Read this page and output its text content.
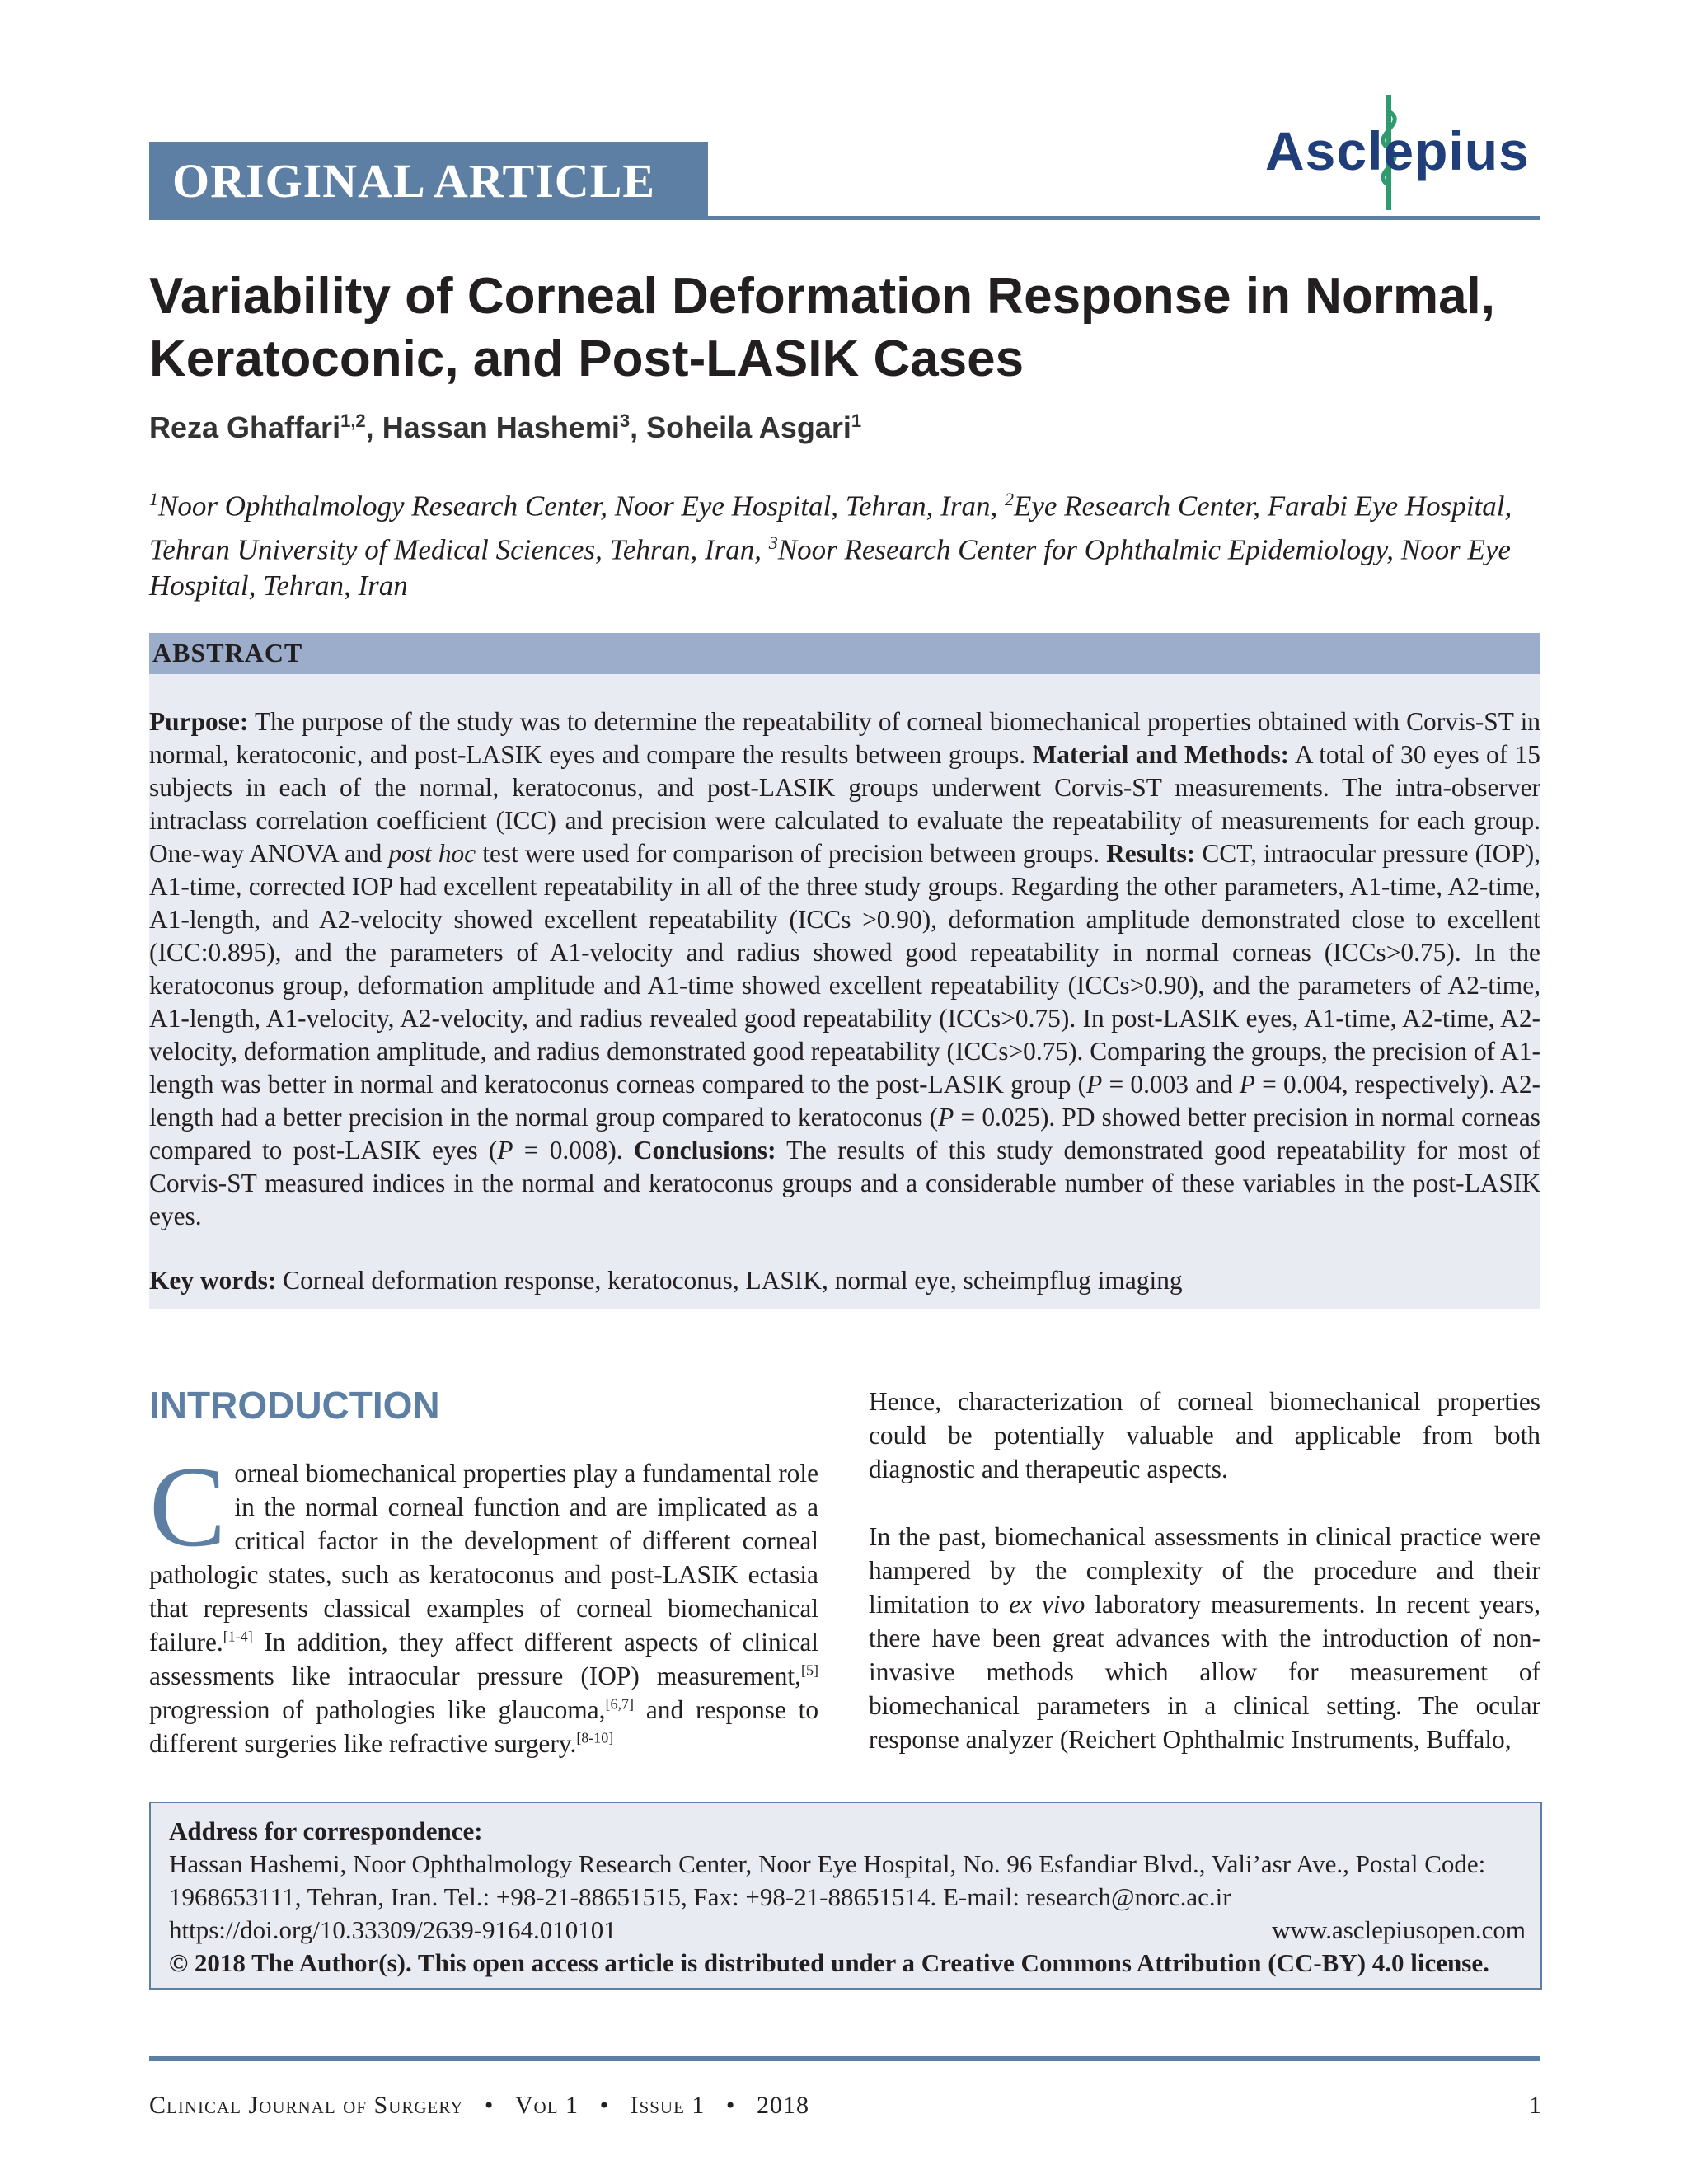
ORIGINAL ARTICLE	Asclepius
Variability of Corneal Deformation Response in Normal, Keratoconic, and Post-LASIK Cases
Reza Ghaffari$^{1,2}$, Hassan Hashemi$^3$, Soheila Asgari$^1$
$^1$Noor Ophthalmology Research Center, Noor Eye Hospital, Tehran, Iran, $^2$Eye Research Center, Farabi Eye Hospital, Tehran University of Medical Sciences, Tehran, Iran, $^3$Noor Research Center for Ophthalmic Epidemiology, Noor Eye Hospital, Tehran, Iran
ABSTRACT
Purpose: The purpose of the study was to determine the repeatability of corneal biomechanical properties obtained with Corvis-ST in normal, keratoconic, and post-LASIK eyes and compare the results between groups. Material and Methods: A total of 30 eyes of 15 subjects in each of the normal, keratoconus, and post-LASIK groups underwent Corvis-ST measurements. The intra-observer intraclass correlation coefficient (ICC) and precision were calculated to evaluate the repeatability of measurements for each group. One-way ANOVA and post hoc test were used for comparison of precision between groups. Results: CCT, intraocular pressure (IOP), A1-time, corrected IOP had excellent repeatability in all of the three study groups. Regarding the other parameters, A1-time, A2-time, A1-length, and A2-velocity showed excellent repeatability (ICCs >0.90), deformation amplitude demonstrated close to excellent (ICC:0.895), and the parameters of A1-velocity and radius showed good repeatability in normal corneas (ICCs>0.75). In the keratoconus group, deformation amplitude and A1-time showed excellent repeatability (ICCs>0.90), and the parameters of A2-time, A1-length, A1-velocity, A2-velocity, and radius revealed good repeatability (ICCs>0.75). In post-LASIK eyes, A1-time, A2-time, A2-velocity, deformation amplitude, and radius demonstrated good repeatability (ICCs>0.75). Comparing the groups, the precision of A1-length was better in normal and keratoconus corneas compared to the post-LASIK group (P = 0.003 and P = 0.004, respectively). A2-length had a better precision in the normal group compared to keratoconus (P = 0.025). PD showed better precision in normal corneas compared to post-LASIK eyes (P = 0.008). Conclusions: The results of this study demonstrated good repeatability for most of Corvis-ST measured indices in the normal and keratoconus groups and a considerable number of these variables in the post-LASIK eyes.
Key words: Corneal deformation response, keratoconus, LASIK, normal eye, scheimpflug imaging
INTRODUCTION
Corneal biomechanical properties play a fundamental role in the normal corneal function and are implicated as a critical factor in the development of different corneal pathologic states, such as keratoconus and post-LASIK ectasia that represents classical examples of corneal biomechanical failure.[1-4] In addition, they affect different aspects of clinical assessments like intraocular pressure (IOP) measurement,[5] progression of pathologies like glaucoma,[6,7] and response to different surgeries like refractive surgery.[8-10]
Hence, characterization of corneal biomechanical properties could be potentially valuable and applicable from both diagnostic and therapeutic aspects.
In the past, biomechanical assessments in clinical practice were hampered by the complexity of the procedure and their limitation to ex vivo laboratory measurements. In recent years, there have been great advances with the introduction of non-invasive methods which allow for measurement of biomechanical parameters in a clinical setting. The ocular response analyzer (Reichert Ophthalmic Instruments, Buffalo,
Address for correspondence:
Hassan Hashemi, Noor Ophthalmology Research Center, Noor Eye Hospital, No. 96 Esfandiar Blvd., Vali’asr Ave., Postal Code: 1968653111, Tehran, Iran. Tel.: +98-21-88651515, Fax: +98-21-88651514. E-mail: research@norc.ac.ir
https://doi.org/10.33309/2639-9164.010101	www.asclepiusopen.com
© 2018 The Author(s). This open access article is distributed under a Creative Commons Attribution (CC-BY) 4.0 license.
Clinical Journal of Surgery • Vol 1 • Issue 1 • 2018	1
